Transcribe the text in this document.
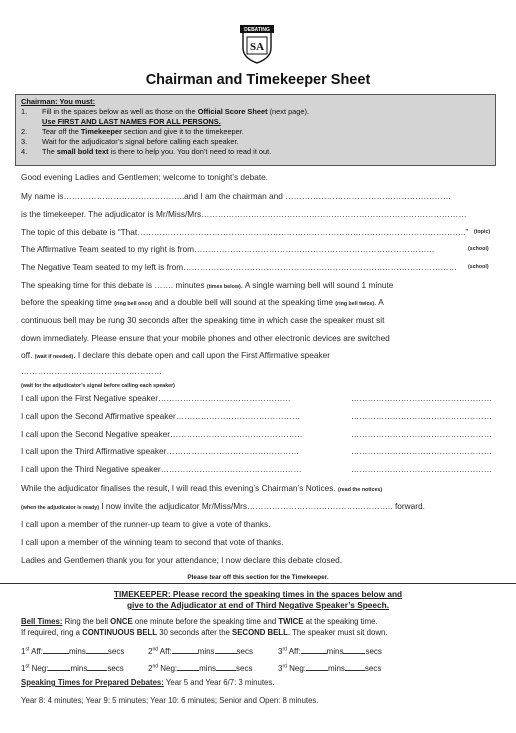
DEBATING
SA
Chairman and Timekeeper Sheet
Chairman: You must:
1.	Fill in the spaces below as well as those on the Official Score Sheet (next page).
Use FIRST AND LAST NAMES FOR ALL PERSONS.
2.	Tear off the Timekeeper section and give it to the timekeeper.
3.	Wait for the adjudicator’s signal before calling each speaker.
4.	The small bold text is there to help you. You don’t need to read it out.
Good evening Ladies and Gentlemen; welcome to tonight’s debate.
My name is……………………………………..and I am the chairman and ……………………………………………………
is the timekeeper. The adjudicator is Mr/Miss/Mrs……………………………………………………………………………………
The topic of this debate is “That………………………………………………………………………………………………………..” (topic)
The Affirmative Team seated to my right is from……………………………………………………………………………	(school)
The Negative Team seated to my left is from………………………………………………………………………………………	(school)
The speaking time for this debate is ……. minutes (times below). A single warning bell will sound 1 minute
before the speaking time (ring bell once) and a double bell will sound at the speaking time (ring bell twice). A
continuous bell may be rung 30 seconds after the speaking time in which case the speaker must sit
down immediately. Please ensure that your mobile phones and other electronic devices are switched
off. (wait if needed). I declare this debate open and call upon the First Affirmative speaker
……………………………………………
(wait for the adjudicator’s signal before calling each speaker)
I call upon the First Negative speaker…………………………………………	……………………………………………
I call upon the Second Affirmative speaker………………………………………	……………………………………………
I call upon the Second Negative speaker…………………………………………	……………………………………………
I call upon the Third Affirmative speaker…………………………………………	……………………………………………
I call upon the Third Negative speaker……………………………………………	……………………………………………
While the adjudicator finalises the result, I will read this evening’s Chairman’s Notices. (read the notices)
(when the adjudicator is ready) I now invite the adjudicator Mr/Miss/Mrs…………………………………………….. forward.
I call upon a member of the runner-up team to give a vote of thanks.
I call upon a member of the winning team to second that vote of thanks.
Ladies and Gentlemen thank you for your attendance; I now declare this debate closed.
Please tear off this section for the Timekeeper.
TIMEKEEPER: Please record the speaking times in the spaces below and
give to the Adjudicator at end of Third Negative Speaker’s Speech.
Bell Times: Ring the bell ONCE one minute before the speaking time and TWICE at the speaking time.
If required, ring a CONTINUOUS BELL 30 seconds after the SECOND BELL. The speaker must sit down.
1st Aff:	mins	secs	2nd Aff:	mins	secs	3rd Aff:	mins	secs
1st Neg:	mins	secs	2nd Neg:	mins	secs	3rd Neg:	mins	secs
Speaking Times for Prepared Debates: Year 5 and Year 6/7: 3 minutes.
Year 8: 4 minutes; Year 9: 5 minutes; Year 10: 6 minutes; Senior and Open: 8 minutes.
